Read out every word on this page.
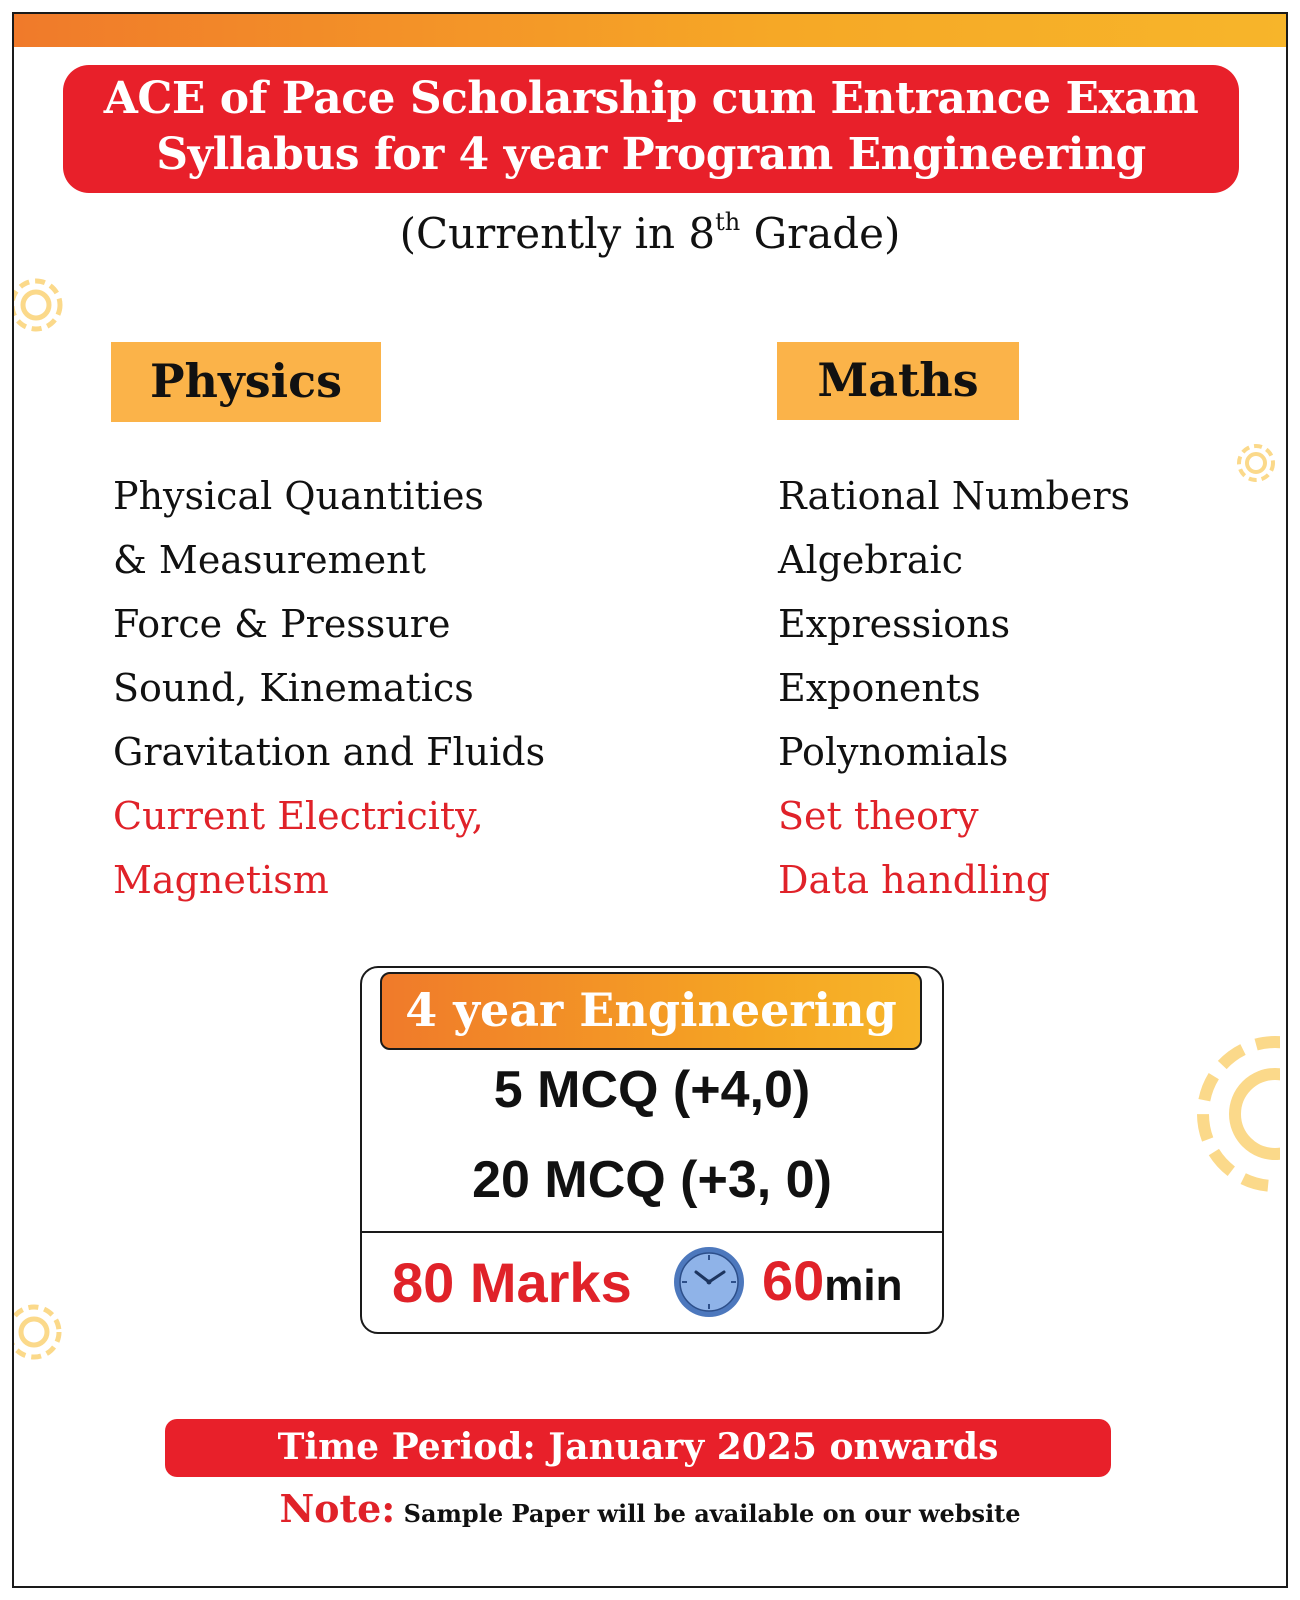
ACE of Pace Scholarship cum Entrance Exam
Syllabus for 4 year Program Engineering
(Currently in 8th Grade)
Physics	Maths
Physical Quantities
& Measurement
Force & Pressure
Sound, Kinematics
Gravitation and Fluids
Current Electricity,
Magnetism
Rational Numbers
Algebraic
Expressions
Exponents
Polynomials
Set theory
Data handling
4 year Engineering
5 MCQ (+4,0)
20 MCQ (+3, 0)
80 Marks 60min
Time Period: January 2025 onwards
Note: Sample Paper will be available on our website
